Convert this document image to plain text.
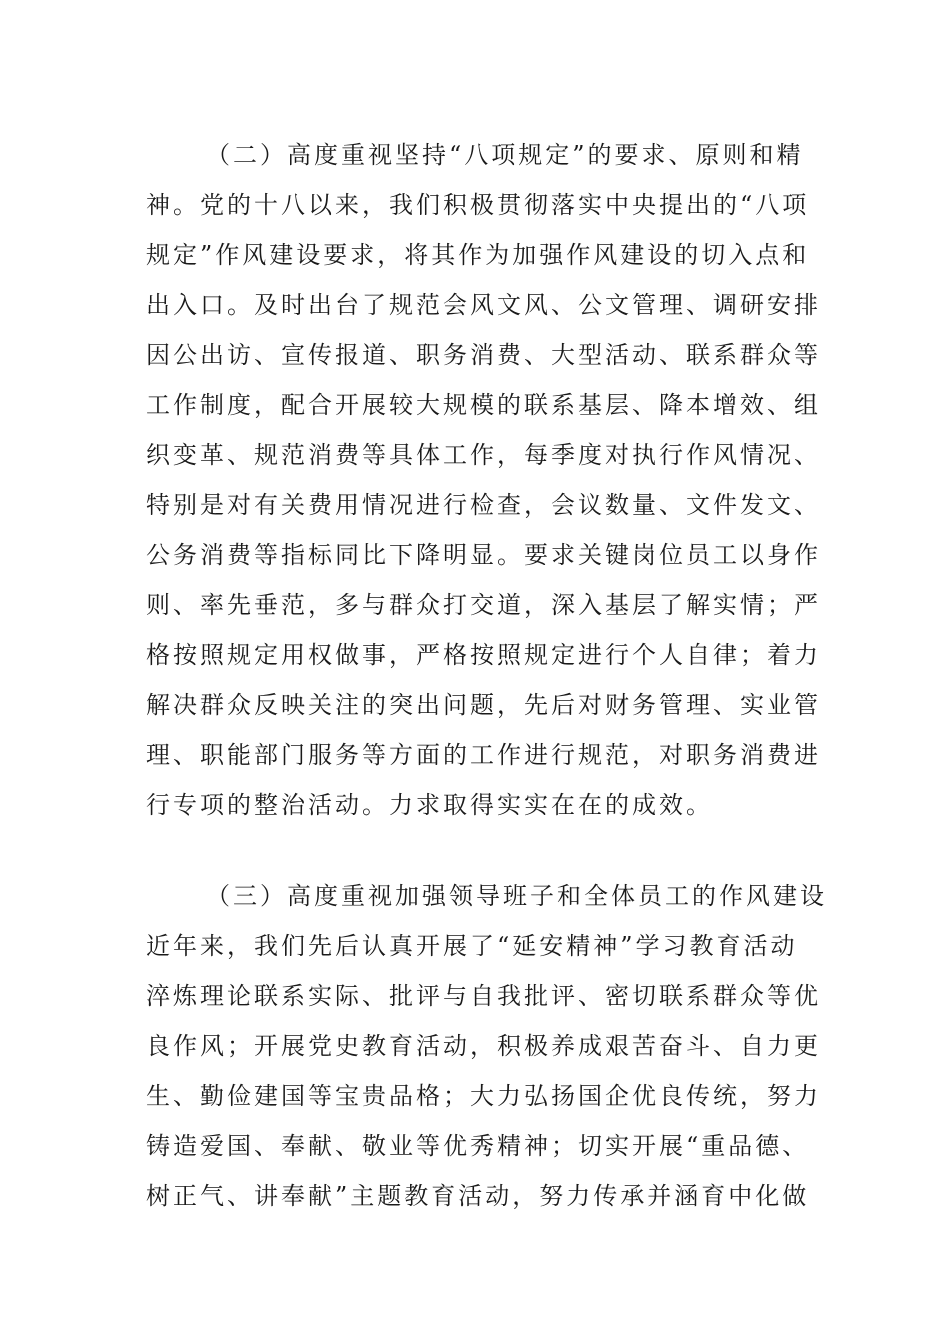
（二）高度重视坚持“八项规定”的要求、原则和精
神。党的十八以来，我们积极贯彻落实中央提出的“八项
规定”作风建设要求，将其作为加强作风建设的切入点和
出入口。及时出台了规范会风文风、公文管理、调研安排
因公出访、宣传报道、职务消费、大型活动、联系群众等
工作制度，配合开展较大规模的联系基层、降本增效、组
织变革、规范消费等具体工作，每季度对执行作风情况、
特别是对有关费用情况进行检查，会议数量、文件发文、
公务消费等指标同比下降明显。要求关键岗位员工以身作
则、率先垂范，多与群众打交道，深入基层了解实情；严
格按照规定用权做事，严格按照规定进行个人自律；着力
解决群众反映关注的突出问题，先后对财务管理、实业管
理、职能部门服务等方面的工作进行规范，对职务消费进
行专项的整治活动。力求取得实实在在的成效。
（三）高度重视加强领导班子和全体员工的作风建设
近年来，我们先后认真开展了“延安精神”学习教育活动
淬炼理论联系实际、批评与自我批评、密切联系群众等优
良作风；开展党史教育活动，积极养成艰苦奋斗、自力更
生、勤俭建国等宝贵品格；大力弘扬国企优良传统，努力
铸造爱国、奉献、敬业等优秀精神；切实开展“重品德、
树正气、讲奉献”主题教育活动，努力传承并涵育中化做
